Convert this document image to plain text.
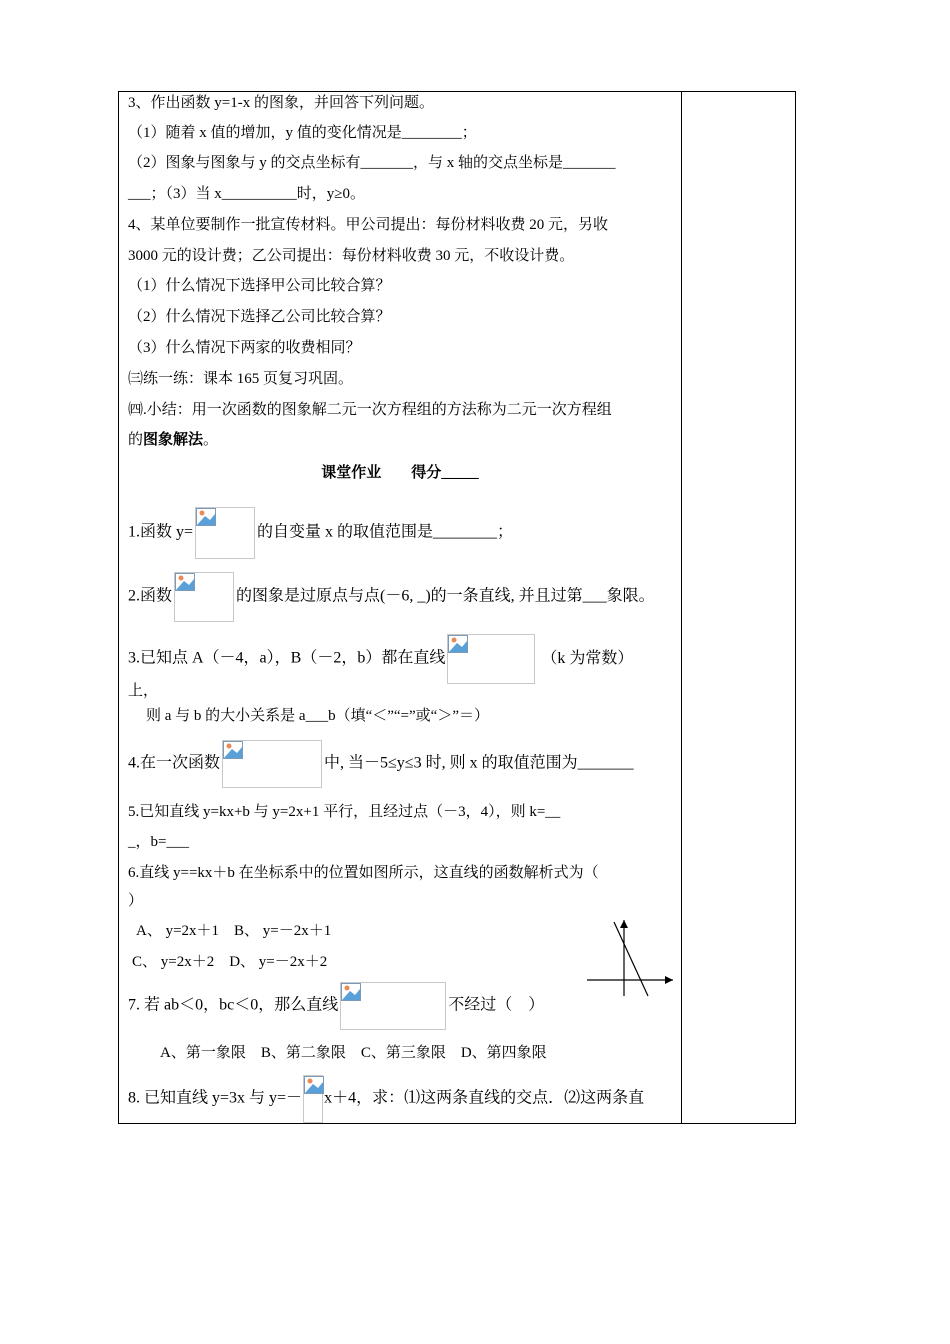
3、作出函数 y=1-x 的图象，并回答下列问题。
（1）随着 x 值的增加，y 值的变化情况是________；
（2）图象与图象与 y 的交点坐标有_______，与 x 轴的交点坐标是_______
___；（3）当 x__________时，y≥0。
4、某单位要制作一批宣传材料。甲公司提出：每份材料收费 20 元，另收
3000 元的设计费；乙公司提出：每份材料收费 30 元，不收设计费。
（1）什么情况下选择甲公司比较合算？
（2）什么情况下选择乙公司比较合算？
（3）什么情况下两家的收费相同？
㈢练一练：课本 165 页复习巩固。
㈣.小结：用一次函数的图象解二元一次方程组的方法称为二元一次方程组
的图象解法。
课堂作业　　得分_____
1.函数 y=	的自变量 x 的取值范围是________；
2.函数	的图象是过原点与点(－6, _)的一条直线, 并且过第___象限。
3.已知点 A（－4，a），B（－2，b）都在直线	（k 为常数）
上，
则 a 与 b 的大小关系是 a___b（填“＜”“=”或“＞”＝）
4.在一次函数	中, 当－5≤y≤3 时, 则 x 的取值范围为_______
5.已知直线 y=kx+b 与 y=2x+1 平行，且经过点（－3，4），则 k=__
_，b=___
6.直线 y==kx＋b 在坐标系中的位置如图所示，这直线的函数解析式为（
）
A、 y=2x＋1　B、 y=－2x＋1
C、 y=2x＋2　D、 y=－2x＋2
7. 若 ab＜0，bc＜0，那么直线	不经过（　）
A、第一象限　B、第二象限　C、第三象限　D、第四象限
8. 已知直线 y=3x 与 y=－ x＋4，求：⑴这两条直线的交点．⑵这两条直
